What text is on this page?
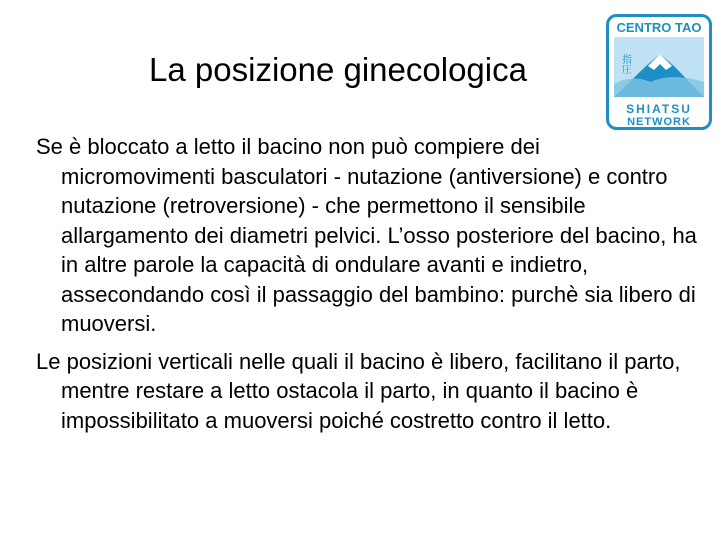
La posizione ginecologica
CENTRO TAO
指圧
SHIATSU
NETWORK

Se è bloccato a letto il bacino non può compiere dei micromovimenti basculatori - nutazione (antiversione) e contro nutazione (retroversione) - che permettono il sensibile allargamento dei diametri pelvici. L’osso posteriore del bacino, ha in altre parole la capacità di ondulare avanti e indietro, assecondando così il passaggio del bambino: purchè sia libero di muoversi.

Le posizioni verticali nelle quali il bacino è libero, facilitano il parto, mentre restare a letto ostacola il parto, in quanto il bacino è impossibilitato a muoversi poiché costretto contro il letto.
